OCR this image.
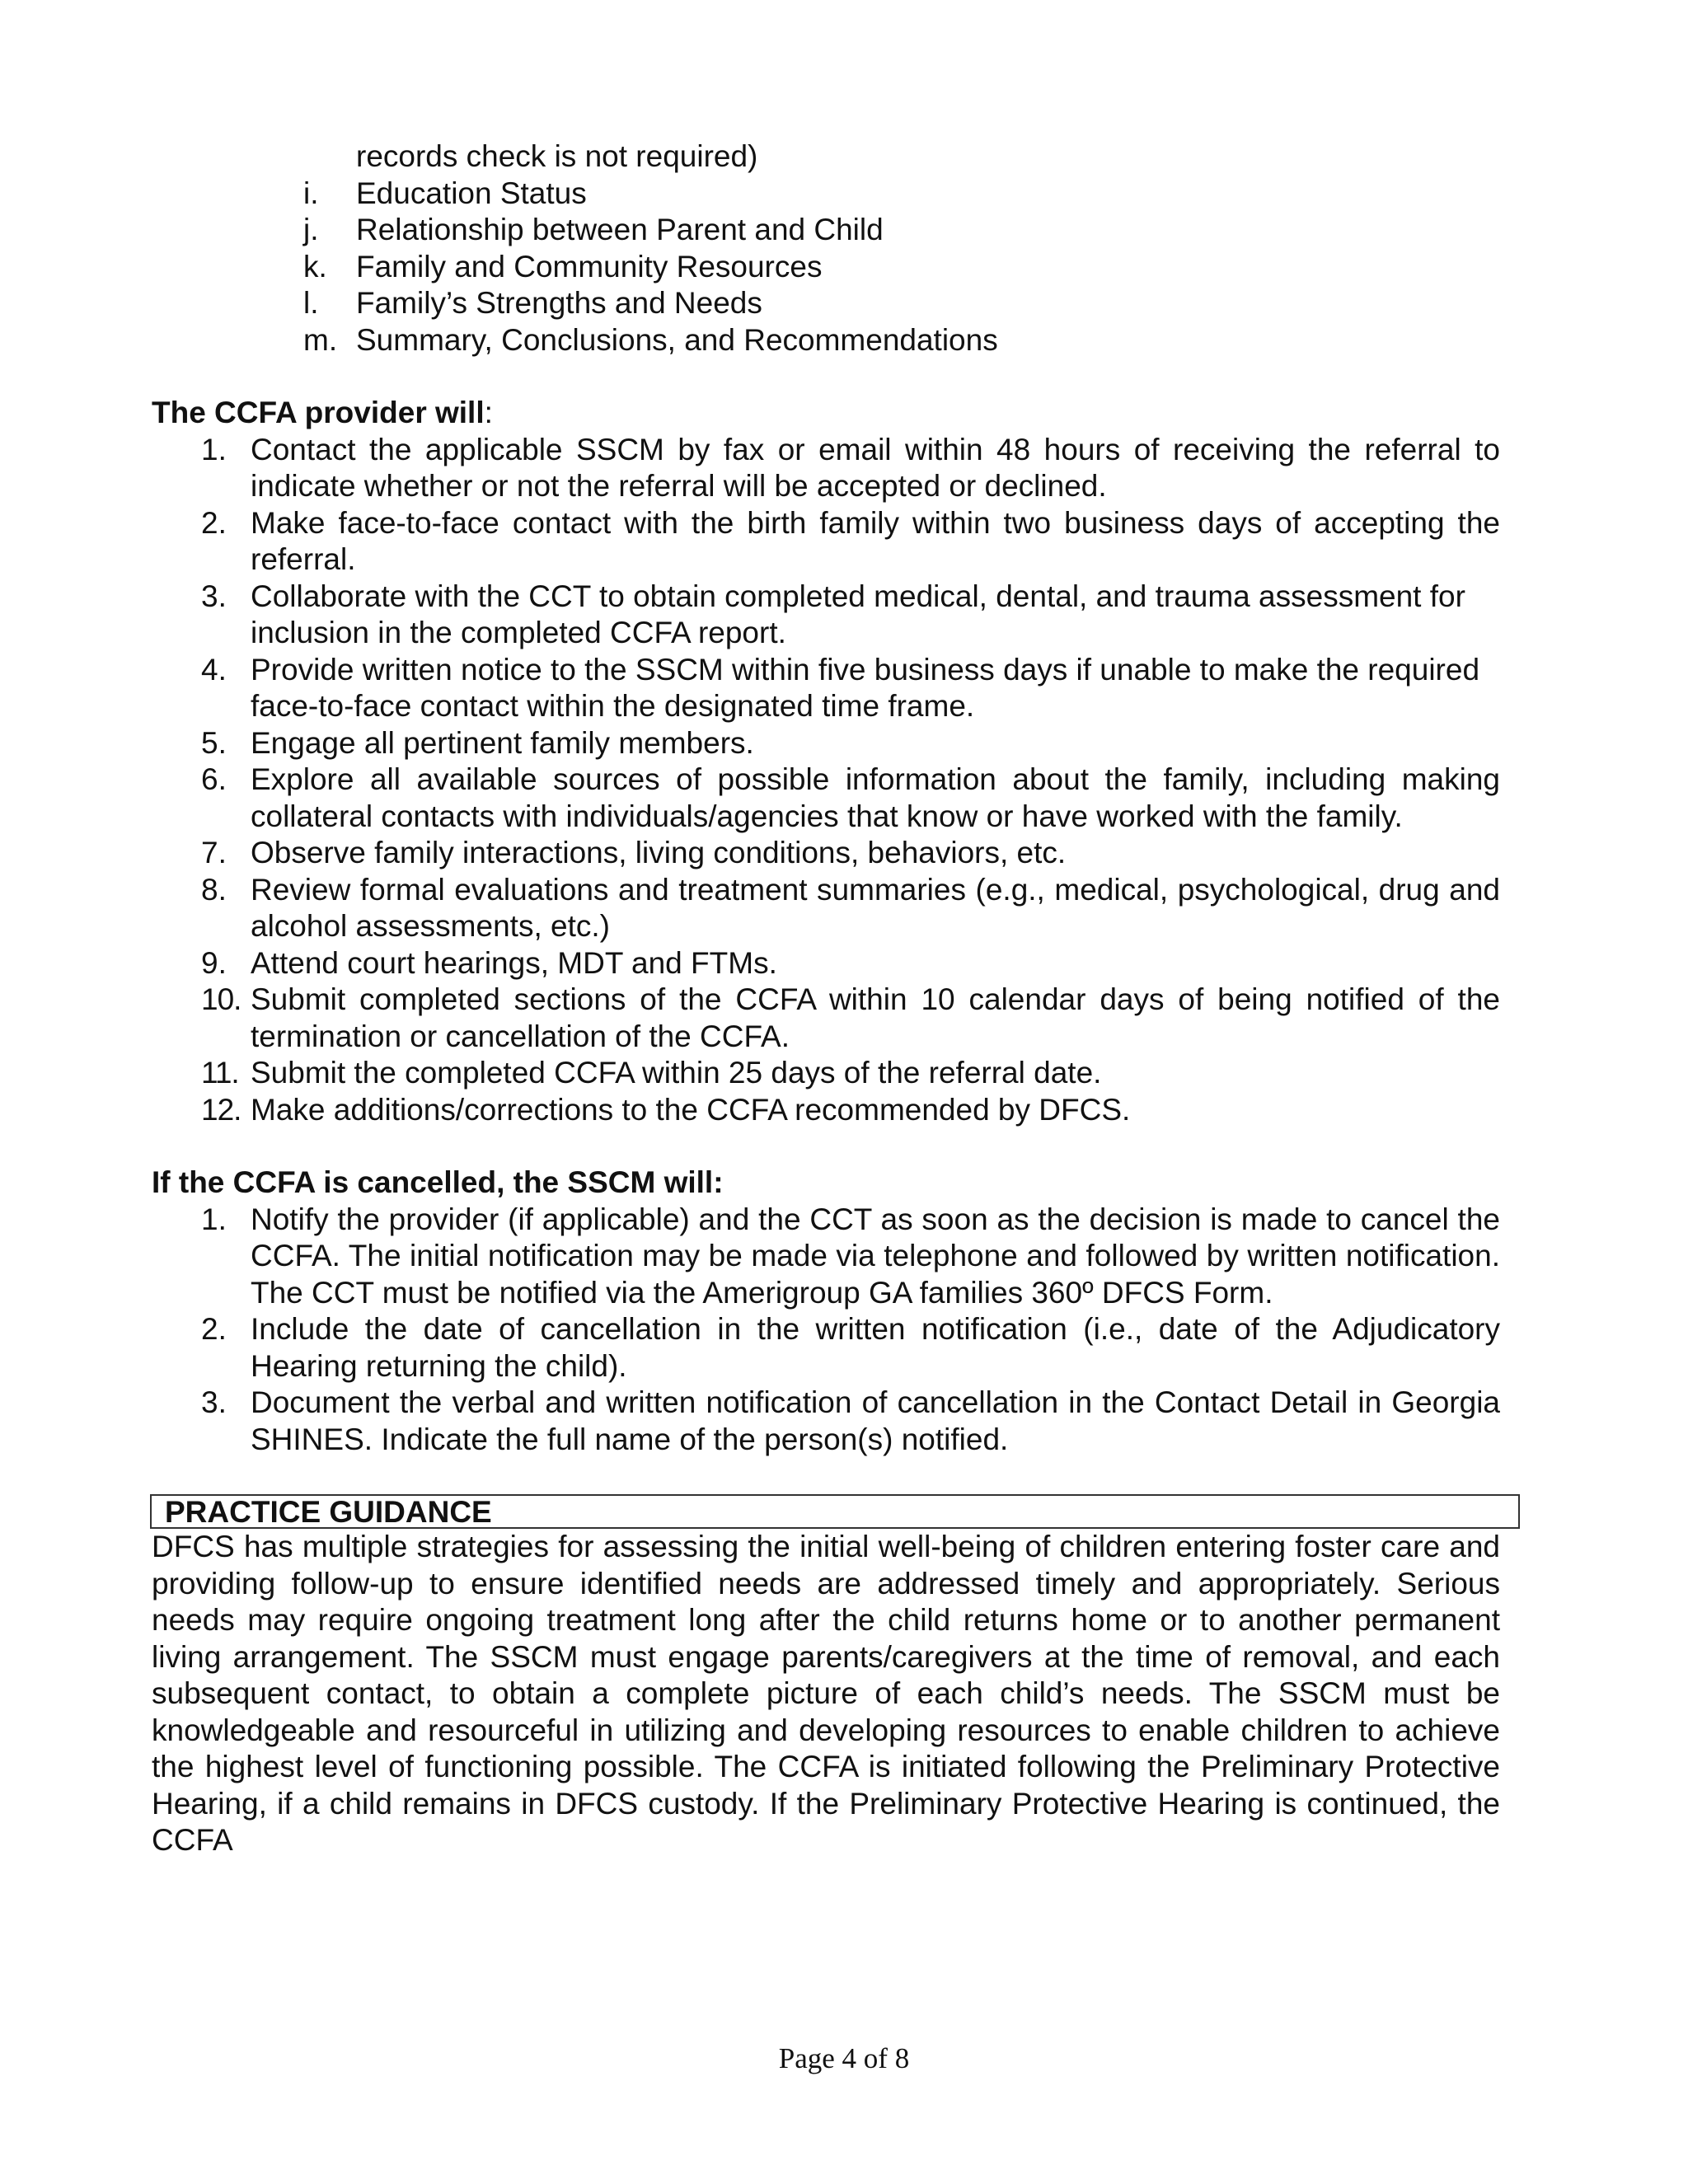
records check is not required)
i. Education Status
j. Relationship between Parent and Child
k. Family and Community Resources
l. Family’s Strengths and Needs
m. Summary, Conclusions, and Recommendations

The CCFA provider will:

1. Contact the applicable SSCM by fax or email within 48 hours of receiving the referral to indicate whether or not the referral will be accepted or declined.
2. Make face-to-face contact with the birth family within two business days of accepting the referral.
3. Collaborate with the CCT to obtain completed medical, dental, and trauma assessment for inclusion in the completed CCFA report.
4. Provide written notice to the SSCM within five business days if unable to make the required face-to-face contact within the designated time frame.
5. Engage all pertinent family members.
6. Explore all available sources of possible information about the family, including making collateral contacts with individuals/agencies that know or have worked with the family.
7. Observe family interactions, living conditions, behaviors, etc.
8. Review formal evaluations and treatment summaries (e.g., medical, psychological, drug and alcohol assessments, etc.)
9. Attend court hearings, MDT and FTMs.
10. Submit completed sections of the CCFA within 10 calendar days of being notified of the termination or cancellation of the CCFA.
11. Submit the completed CCFA within 25 days of the referral date.
12. Make additions/corrections to the CCFA recommended by DFCS.

If the CCFA is cancelled, the SSCM will:

1. Notify the provider (if applicable) and the CCT as soon as the decision is made to cancel the CCFA. The initial notification may be made via telephone and followed by written notification. The CCT must be notified via the Amerigroup GA families 360º DFCS Form.
2. Include the date of cancellation in the written notification (i.e., date of the Adjudicatory Hearing returning the child).
3. Document the verbal and written notification of cancellation in the Contact Detail in Georgia SHINES. Indicate the full name of the person(s) notified.
PRACTICE GUIDANCE

DFCS has multiple strategies for assessing the initial well-being of children entering foster care and providing follow-up to ensure identified needs are addressed timely and appropriately. Serious needs may require ongoing treatment long after the child returns home or to another permanent living arrangement. The SSCM must engage parents/caregivers at the time of removal, and each subsequent contact, to obtain a complete picture of each child’s needs. The SSCM must be knowledgeable and resourceful in utilizing and developing resources to enable children to achieve the highest level of functioning possible. The CCFA is initiated following the Preliminary Protective Hearing, if a child remains in DFCS custody. If the Preliminary Protective Hearing is continued, the CCFA

Page 4 of 8
